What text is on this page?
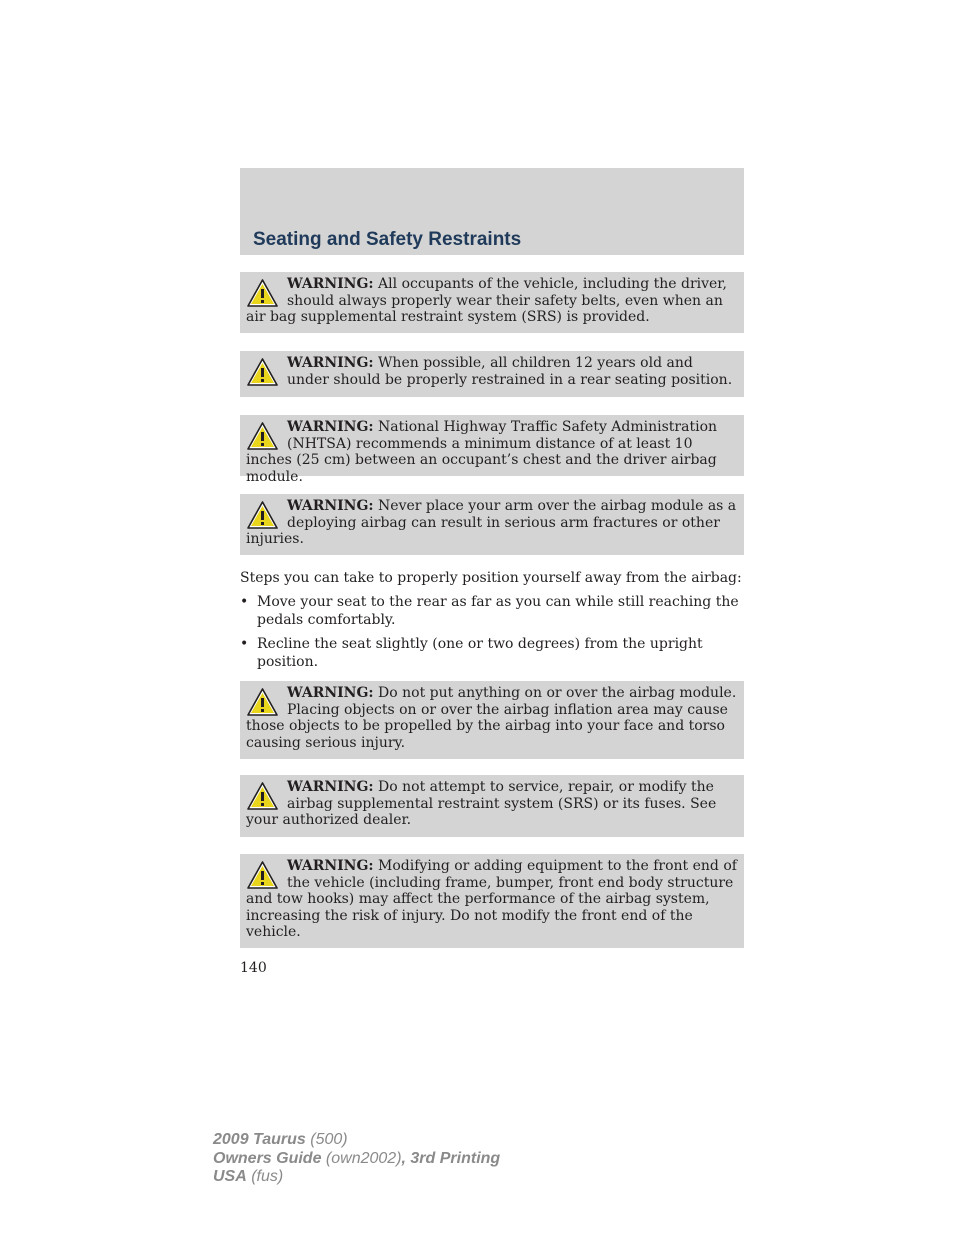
Seating and Safety Restraints
WARNING: All occupants of the vehicle, including the driver, should always properly wear their safety belts, even when an air bag supplemental restraint system (SRS) is provided.
WARNING: When possible, all children 12 years old and under should be properly restrained in a rear seating position.
WARNING: National Highway Traffic Safety Administration (NHTSA) recommends a minimum distance of at least 10 inches (25 cm) between an occupant’s chest and the driver airbag module.
WARNING: Never place your arm over the airbag module as a deploying airbag can result in serious arm fractures or other injuries.
Steps you can take to properly position yourself away from the airbag:
• Move your seat to the rear as far as you can while still reaching the pedals comfortably.
• Recline the seat slightly (one or two degrees) from the upright position.
WARNING: Do not put anything on or over the airbag module. Placing objects on or over the airbag inflation area may cause those objects to be propelled by the airbag into your face and torso causing serious injury.
WARNING: Do not attempt to service, repair, or modify the airbag supplemental restraint system (SRS) or its fuses. See your authorized dealer.
WARNING: Modifying or adding equipment to the front end of the vehicle (including frame, bumper, front end body structure and tow hooks) may affect the performance of the airbag system, increasing the risk of injury. Do not modify the front end of the vehicle.
140
2009 Taurus (500)
Owners Guide (own2002), 3rd Printing
USA (fus)
